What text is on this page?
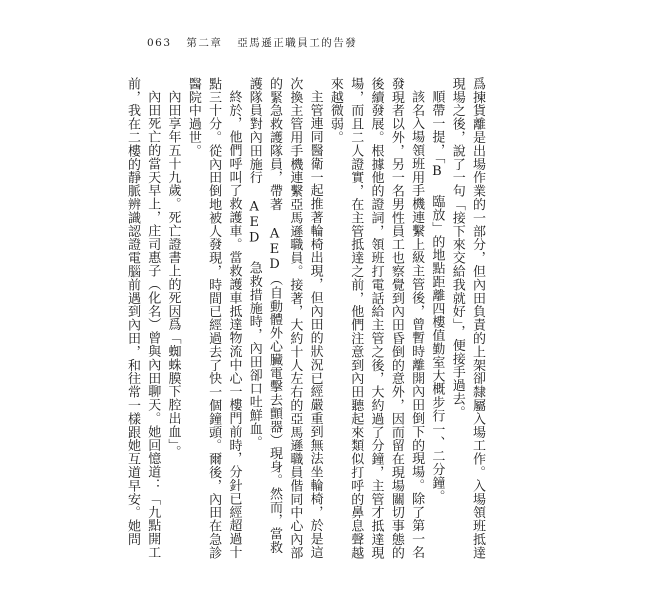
063 第二章 亞馬遜正職員工的告發

爲揀貨離是出場作業的一部分，但內田負責的上架卻隸屬入場工作。入場領班抵達現場之後，說了一句「接下來交給我就好」，便接手過去。

順帶一提，「B 臨放」的地點距離四樓值勤室大概步行一、二分鐘。

該名入場領班用手機連繫上級主管後，曾暫時離開內田倒下的現場。除了第一名發現者以外，另一名男性員工也察覺到內田昏倒的意外，因而留在現場關切事態的後續發展。根據他的證詞，領班打電話給主管之後，大約過了分鐘，主管才抵達現場，而且二人證實，在主管抵達之前，他們注意到內田聽起來類似打呼的鼻息聲越來越微弱。

主管連同醫衛一起推著輪椅出現，但內田的狀況已經嚴重到無法坐輪椅，於是這次換主管用手機連繫亞馬遜職員。接著，大約十人左右的亞馬遜職員偕同中心內部的緊急救護隊員，帶著 AED（自動體外心臟電擊去顫器）現身。然而，當救護隊員對內田施行 AED 急救措施時，內田卻口吐鮮血。

終於，他們呼叫了救護車。當救護車抵達物流中心一樓門前時，分針已經超過十點三十分。從內田倒地被人發現，時間已經過去了快一個鐘頭。爾後，內田在急診醫院中過世。

內田享年五十九歲。死亡證書上的死因爲「蜘蛛膜下腔出血」。

內田死亡的當天早上，庄司惠子（化名）曾與內田聊天。她回憶道：「九點開工前，我在二樓的靜脈辨識認證電腦前遇到內田，和往常一樣跟她互道早安。她問
